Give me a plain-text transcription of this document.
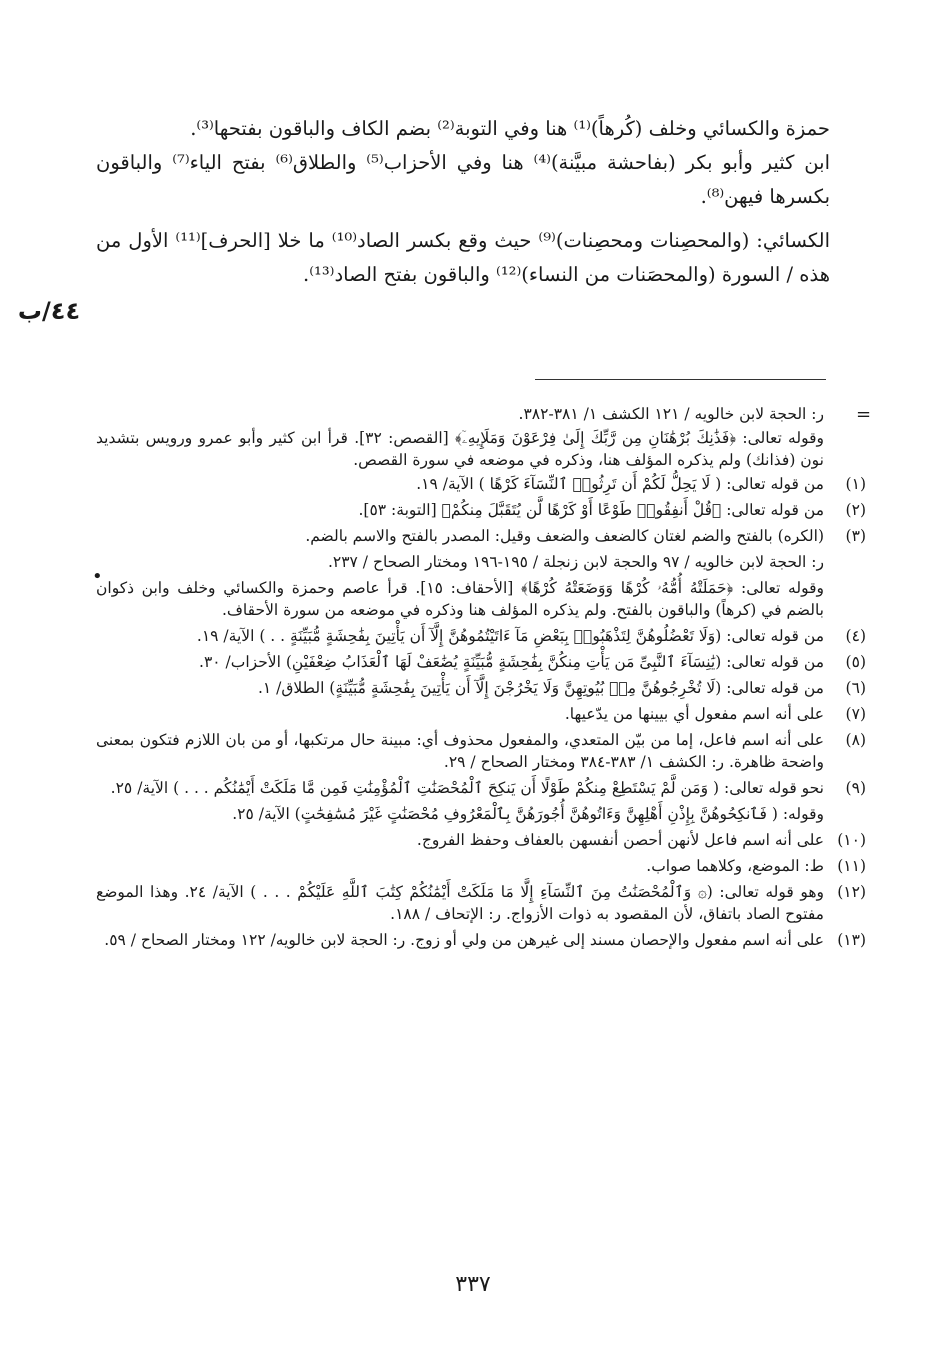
حمزة والكسائي وخلف (كُرهاً)⁽¹⁾ هنا وفي التوبة⁽²⁾ بضم الكاف والباقون بفتحها⁽³⁾.

ابن كثير وأبو بكر (بفاحشة مبيَّنة)⁽⁴⁾ هنا وفي الأحزاب⁽⁵⁾ والطلاق⁽⁶⁾ بفتح الياء⁽⁷⁾ والباقون بكسرها فيهن⁽⁸⁾.

الكسائي: (والمحصِنات ومحصِنات)⁽⁹⁾ حيث وقع بكسر الصاد⁽¹⁰⁾ ما خلا [الحرف]⁽¹¹⁾ الأول من هذه / السورة (والمحصَنات من النساء)⁽¹²⁾ والباقون بفتح الصاد⁽¹³⁾.

٤٤/ب
=
•

ر: الحجة لابن خالويه / ١٢١ الكشف ١/ ٣٨١-٣٨٢.

وقوله تعالى: ﴿فَذَٰنِكَ بُرْهَٰنَانِ مِن رَّبِّكَ إِلَىٰ فِرْعَوْنَ وَمَلَإِيهِۦٓ﴾ [القصص: ٣٢]. قرأ ابن كثير وأبو عمرو ورويس بتشديد نون (فذانك) ولم يذكره المؤلف هنا، وذكره في موضعه في سورة القصص.

(١)
من قوله تعالى: ( لَا يَحِلُّ لَكُمْ أَن تَرِثُوا۟ ٱلنِّسَآءَ كَرْهًا ) الآية/ ١٩.

(٢)
من قوله تعالى: ﴿قُلْ أَنفِقُوا۟ طَوْعًا أَوْ كَرْهًا لَّن يُتَقَبَّلَ مِنكُمْ﴾ [التوبة: ٥٣].

(٣)
(الكره) بالفتح والضم لغتان كالضعف والضعف وقيل: المصدر بالفتح والاسم بالضم.

ر: الحجة لابن خالويه / ٩٧ والحجة لابن زنجلة / ١٩٥-١٩٦ ومختار الصحاح / ٢٣٧.

وقوله تعالى: ﴿حَمَلَتْهُ أُمُّهُۥ كُرْهًا وَوَضَعَتْهُ كُرْهًا﴾ [الأحقاف: ١٥]. قرأ عاصم وحمزة والكسائي وخلف وابن ذكوان بالضم في (كرهاً) والباقون بالفتح. ولم يذكره المؤلف هنا وذكره في موضعه من سورة الأحقاف.

(٤)
من قوله تعالى: (وَلَا تَعْضُلُوهُنَّ لِتَذْهَبُوا۟ بِبَعْضِ مَآ ءَاتَيْتُمُوهُنَّ إِلَّآ أَن يَأْتِينَ بِفَٰحِشَةٍ مُّبَيِّنَةٍ . . ) الآية/ ١٩.

(٥)
من قوله تعالى: (يَٰنِسَآءَ ٱلنَّبِىِّ مَن يَأْتِ مِنكُنَّ بِفَٰحِشَةٍ مُّبَيِّنَةٍ يُضَٰعَفْ لَهَا ٱلْعَذَابُ ضِعْفَيْنِ) الأحزاب/ ٣٠.

(٦)
من قوله تعالى: (لَا تُخْرِجُوهُنَّ مِنۢ بُيُوتِهِنَّ وَلَا يَخْرُجْنَ إِلَّآ أَن يَأْتِينَ بِفَٰحِشَةٍ مُّبَيِّنَةٍ) الطلاق/ ١.

(٧)
على أنه اسم مفعول أي بيينها من يدّعيها.

(٨)
على أنه اسم فاعل، إما من بيّن المتعدي، والمفعول محذوف أي: مبينة حال مرتكبها، أو من بان اللازم فتكون بمعنى واضحة ظاهرة. ر: الكشف ١/ ٣٨٣-٣٨٤ ومختار الصحاح / ٢٩.

(٩)
نحو قوله تعالى: ( وَمَن لَّمْ يَسْتَطِعْ مِنكُمْ طَوْلًا أَن يَنكِحَ ٱلْمُحْصَنَٰتِ ٱلْمُؤْمِنَٰتِ فَمِن مَّا مَلَكَتْ أَيْمَٰنُكُم . . . ) الآية/ ٢٥.

وقوله: ( فَٱنكِحُوهُنَّ بِإِذْنِ أَهْلِهِنَّ وَءَاتُوهُنَّ أُجُورَهُنَّ بِٱلْمَعْرُوفِ مُحْصَنَٰتٍ غَيْرَ مُسَٰفِحَٰتٍ) الآية/ ٢٥.

(١٠)
على أنه اسم فاعل لأنهن أحصن أنفسهن بالعفاف وحفظ الفروج.

(١١)
ط: الموضع، وكلاهما صواب.

(١٢)
وهو قوله تعالى: (۞ وَٱلْمُحْصَنَٰتُ مِنَ ٱلنِّسَآءِ إِلَّا مَا مَلَكَتْ أَيْمَٰنُكُمْ كِتَٰبَ ٱللَّهِ عَلَيْكُمْ . . . ) الآية/ ٢٤. وهذا الموضع مفتوح الصاد باتفاق، لأن المقصود به ذوات الأزواج. ر: الإتحاف / ١٨٨.

(١٣)
على أنه اسم مفعول والإحصان مسند إلى غيرهن من ولي أو زوج. ر: الحجة لابن خالويه/ ١٢٢ ومختار الصحاح / ٥٩.

٣٣٧
